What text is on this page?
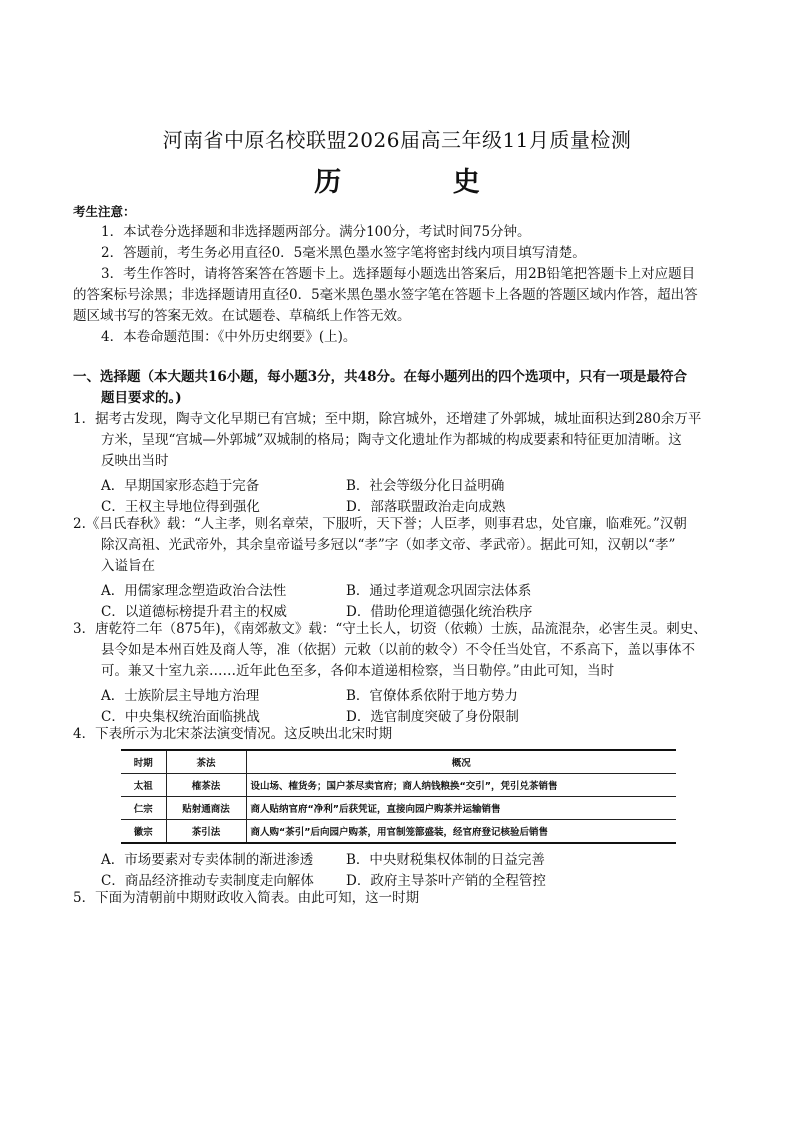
河南省中原名校联盟2026届高三年级11月质量检测
历 史
考生注意：
1．本试卷分选择题和非选择题两部分。满分100分，考试时间75分钟。
2．答题前，考生务必用直径0．5毫米黑色墨水签字笔将密封线内项目填写清楚。
3．考生作答时，请将答案答在答题卡上。选择题每小题选出答案后，用2B铅笔把答题卡上对应题目
的答案标号涂黑；非选择题请用直径0．5毫米黑色墨水签字笔在答题卡上各题的答题区域内作答，超出答
题区域书写的答案无效。在试题卷、草稿纸上作答无效。
4．本卷命题范围：《中外历史纲要》(上)。
一、选择题（本大题共16小题，每小题3分，共48分。在每小题列出的四个选项中，只有一项是最符合
题目要求的。)
1．据考古发现，陶寺文化早期已有宫城；至中期，除宫城外，还增建了外郭城，城址面积达到280余万平
方米，呈现“宫城—外郭城”双城制的格局；陶寺文化遗址作为都城的构成要素和特征更加清晰。这
反映出当时
A．早期国家形态趋于完备	B．社会等级分化日益明确
C．王权主导地位得到强化	D．部落联盟政治走向成熟
2.《吕氏春秋》载：“人主孝，则名章荣，下服听，天下誉；人臣孝，则事君忠，处官廉，临难死。”汉朝
除汉高祖、光武帝外，其余皇帝谥号多冠以“孝”字（如孝文帝、孝武帝）。据此可知，汉朝以“孝”
入谥旨在
A．用儒家理念塑造政治合法性	B．通过孝道观念巩固宗法体系
C．以道德标榜提升君主的权威	D．借助伦理道德强化统治秩序
3．唐乾符二年（875年)，《南郊赦文》载：“守土长人，切资（依赖）士族，品流混杂，必害生灵。刺史、
县令如是本州百姓及商人等，准（依据）元敕（以前的敕令）不令任当处官，不系高下，盖以事体不
可。兼又十室九亲……近年此色至多，各仰本道递相检察，当日勒停。”由此可知，当时
A．士族阶层主导地方治理	B．官僚体系依附于地方势力
C．中央集权统治面临挑战	D．选官制度突破了身份限制
4．下表所示为北宋茶法演变情况。这反映出北宋时期
时期	茶法	概况
太祖	榷茶法	设山场、榷货务；国户茶尽卖官府；商人纳钱粮换“交引”，凭引兑茶销售
仁宗	贴射通商法	商人贴纳官府“净利”后获凭证，直接向园户购茶并运输销售
徽宗	茶引法	商人购“茶引”后向园户购茶，用官制笼篰盛装，经官府登记核验后销售
A．市场要素对专卖体制的渐进渗透 B．中央财税集权体制的日益完善
C．商品经济推动专卖制度走向解体 D．政府主导茶叶产销的全程管控
5．下面为清朝前中期财政收入简表。由此可知，这一时期
